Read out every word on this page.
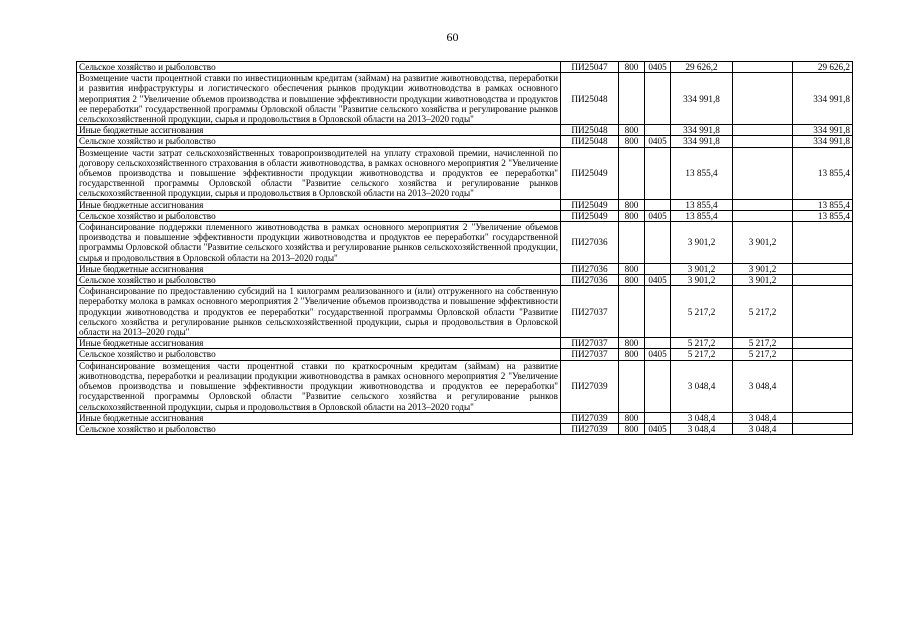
60
Сельское хозяйство и рыболовство	ПИ25047	800	0405	29 626,2		29 626,2
Возмещение части процентной ставки по инвестиционным кредитам (займам) на развитие животноводства, переработки и развития инфраструктуры и логистического обеспечения рынков продукции животноводства в рамках основного мероприятия 2 "Увеличение объемов производства и повышение эффективности продукции животноводства и продуктов ее переработки" государственной программы Орловской области "Развитие сельского хозяйства и регулирование рынков сельскохозяйственной продукции, сырья и продовольствия в Орловской области на 2013–2020 годы"	ПИ25048			334 991,8		334 991,8
Иные бюджетные ассигнования	ПИ25048	800		334 991,8		334 991,8
Сельское хозяйство и рыболовство	ПИ25048	800	0405	334 991,8		334 991,8
Возмещение части затрат сельскохозяйственных товаропроизводителей на уплату страховой премии, начисленной по договору сельскохозяйственного страхования в области животноводства, в рамках основного мероприятия 2 "Увеличение объемов производства и повышение эффективности продукции животноводства и продуктов ее переработки" государственной программы Орловской области "Развитие сельского хозяйства и регулирование рынков сельскохозяйственной продукции, сырья и продовольствия в Орловской области на 2013–2020 годы"	ПИ25049			13 855,4		13 855,4
Иные бюджетные ассигнования	ПИ25049	800		13 855,4		13 855,4
Сельское хозяйство и рыболовство	ПИ25049	800	0405	13 855,4		13 855,4
Софинансирование поддержки племенного животноводства в рамках основного мероприятия 2 "Увеличение объемов производства и повышение эффективности продукции животноводства и продуктов ее переработки" государственной программы Орловской области "Развитие сельского хозяйства и регулирование рынков сельскохозяйственной продукции, сырья и продовольствия в Орловской области на 2013–2020 годы"	ПИ27036			3 901,2	3 901,2	
Иные бюджетные ассигнования	ПИ27036	800		3 901,2	3 901,2	
Сельское хозяйство и рыболовство	ПИ27036	800	0405	3 901,2	3 901,2	
Софинансирование по предоставлению субсидий на 1 килограмм реализованного и (или) отгруженного на собственную переработку молока в рамках основного мероприятия 2 "Увеличение объемов производства и повышение эффективности продукции животноводства и продуктов ее переработки" государственной программы Орловской области "Развитие сельского хозяйства и регулирование рынков сельскохозяйственной продукции, сырья и продовольствия в Орловской области на 2013–2020 годы"	ПИ27037			5 217,2	5 217,2	
Иные бюджетные ассигнования	ПИ27037	800		5 217,2	5 217,2	
Сельское хозяйство и рыболовство	ПИ27037	800	0405	5 217,2	5 217,2	
Софинансирование возмещения части процентной ставки по краткосрочным кредитам (займам) на развитие животноводства, переработки и реализации продукции животноводства в рамках основного мероприятия 2 "Увеличение объемов производства и повышение эффективности продукции животноводства и продуктов ее переработки" государственной программы Орловской области "Развитие сельского хозяйства и регулирование рынков сельскохозяйственной продукции, сырья и продовольствия в Орловской области на 2013–2020 годы"	ПИ27039			3 048,4	3 048,4	
Иные бюджетные ассигнования	ПИ27039	800		3 048,4	3 048,4	
Сельское хозяйство и рыболовство	ПИ27039	800	0405	3 048,4	3 048,4	
